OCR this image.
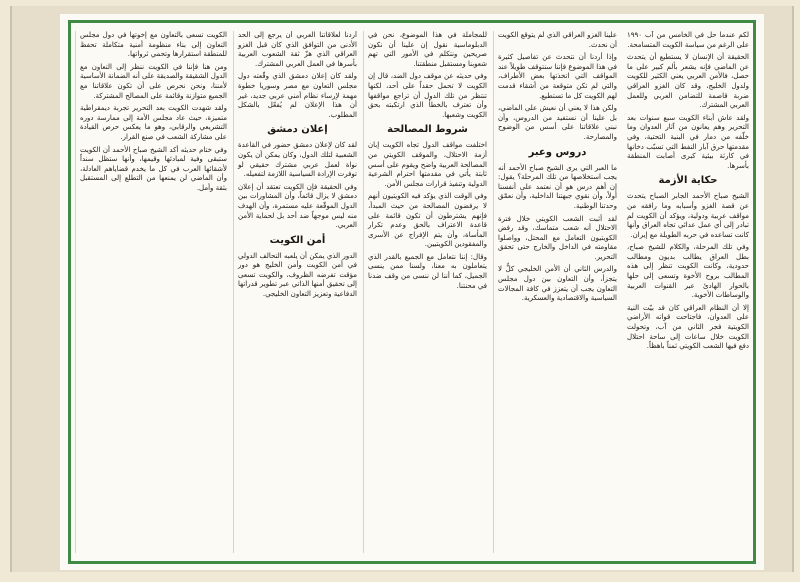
لكم عندما حل في الخامس من آب ١٩٩٠ على الرغم من سياسة الكويت المتسامحة.

الحقيقة أن الإنسان لا يستطيع أن يتحدث عن الماضي فإنه يشعر بألم كبير على ما حصل، فالأمن العربي يعني الكثير للكويت ولدول الخليج، وقد كان الغزو العراقي ضربة قاصمة للتضامن العربي وللعمل العربي المشترك.

ولقد عاش أبناء الكويت سبع سنوات بعد التحرير وهم يعانون من آثار العدوان وما خلّفه من دمار في البنية التحتية، وفي مقدمتها حرق آبار النفط التي تسبّب دخانها في كارثة بيئية كبرى أصابت المنطقة بأسرها.

حكاية الأزمة

الشيخ صباح الأحمد الجابر الصباح يتحدث عن قصة الغزو وأسبابه وما رافقه من مواقف عربية ودولية، ويؤكد أن الكويت لم تبادر إلى أي عمل عدائي تجاه العراق وأنها كانت تساعده في حربه الطويلة مع إيران.

وفي تلك المرحلة، والكلام للشيخ صباح، بطل العراق يطالب بديون ومطالب حدودية، وكانت الكويت تنظر إلى هذه المطالب بروح الأخوة وتسعى إلى حلها بالحوار الهادئ عبر القنوات العربية والوساطات الأخوية.

إلا أن النظام العراقي كان قد بيّت النية على العدوان، فاجتاحت قواته الأراضي الكويتية فجر الثاني من آب، وتحولت الكويت خلال ساعات إلى ساحة احتلال دفع فيها الشعب الكويتي ثمناً باهظاً.

علينا الغزو العراقي الذي لم يتوقع الكويت أن نحدث.

وإذا أردنا أن نتحدث عن تفاصيل كثيرة في هذا الموضوع فإننا سنتوقف طويلاً عند المواقف التي اتخذتها بعض الأطراف، والتي لم تكن متوقعة من أشقاء قدمت لهم الكويت كل ما تستطيع.

ولكن هذا لا يعني أن نعيش على الماضي، بل علينا أن نستفيد من الدروس، وأن نبني علاقاتنا على أسس من الوضوح والمصارحة.

دروس وعبر

ما العبر التي يرى الشيخ صباح الأحمد أنه يجب استخلاصها من تلك المرحلة؟ يقول: إن أهم درس هو أن نعتمد على أنفسنا أولاً، وأن نقوي جبهتنا الداخلية، وأن نعمّق وحدتنا الوطنية.

لقد أثبت الشعب الكويتي خلال فترة الاحتلال أنه شعب متماسك، وقد رفض الكويتيون التعامل مع المحتل، وواصلوا مقاومته في الداخل والخارج حتى تحقق التحرير.

والدرس الثاني أن الأمن الخليجي كلٌّ لا يتجزأ، وأن التعاون بين دول مجلس التعاون يجب أن يتعزز في كافة المجالات السياسية والاقتصادية والعسكرية.

للمجاملة في هذا الموضوع، نحن في الدبلوماسية نقول إن علينا أن نكون صريحين ونتكلم في الأمور التي تهم شعوبنا ومستقبل منطقتنا.

وفي حديثه عن موقف دول الضد، قال إن الكويت لا تحمل حقداً على أحد، لكنها تنتظر من تلك الدول أن تراجع مواقفها وأن تعترف بالخطأ الذي ارتكبته بحق الكويت وشعبها.

شروط المصالحة

اختلفت مواقف الدول تجاه الكويت إبان أزمة الاحتلال، والموقف الكويتي من المصالحة العربية واضح ويقوم على أسس ثابتة يأتي في مقدمتها احترام الشرعية الدولية وتنفيذ قرارات مجلس الأمن.

وفي الوقت الذي يؤكد فيه الكويتيون أنهم لا يرفضون المصالحة من حيث المبدأ، فإنهم يشترطون أن تكون قائمة على قاعدة الاعتراف بالحق وعدم تكرار المأساة، وأن يتم الإفراج عن الأسرى والمفقودين الكويتيين.

وقال: إننا نتعامل مع الجميع بالقدر الذي يتعاملون به معنا، ولسنا ممن ينسى الجميل، كما أننا لن ننسى من وقف ضدنا في محنتنا.

أردنا لعلاقاتنا العربي أن يرجع إلى الحد الأدنى من التوافق الذي كان قبل الغزو العراقي الذي هزّ ثقة الشعوب العربية بأسرها في العمل العربي المشترك.

ولقد كان إعلان دمشق الذي وقّعته دول مجلس التعاون مع مصر وسوريا خطوة مهمة لإرساء نظام أمني عربي جديد، غير أن هذا الإعلان لم يُفعّل بالشكل المطلوب.

إعلان دمشق

لقد كان لإعلان دمشق حضور في القاعدة الشعبية لتلك الدول، وكان يمكن أن يكون نواة لعمل عربي مشترك حقيقي لو توفرت الإرادة السياسية اللازمة لتفعيله.

وفي الحقيقة فإن الكويت تعتقد أن إعلان دمشق لا يزال قائماً، وأن المشاورات بين الدول الموقّعة عليه مستمرة، وأن الهدف منه ليس موجهاً ضد أحد بل لحماية الأمن العربي.

أمن الكويت

الدور الذي يمكن أن يلعبه التحالف الدولي في أمن الكويت وأمن الخليج هو دور مؤقت تفرضه الظروف، والكويت تسعى إلى تحقيق أمنها الذاتي عبر تطوير قدراتها الدفاعية وتعزيز التعاون الخليجي.

الكويت تسعى بالتعاون مع إخوتها في دول مجلس التعاون إلى بناء منظومة أمنية متكاملة تحفظ للمنطقة استقرارها وتحمي ثرواتها.

ومن هنا فإننا في الكويت ننظر إلى التعاون مع الدول الشقيقة والصديقة على أنه الضمانة الأساسية لأمننا، ونحن نحرص على أن تكون علاقاتنا مع الجميع متوازنة وقائمة على المصالح المشتركة.

ولقد شهدت الكويت بعد التحرير تجربة ديمقراطية متميزة، حيث عاد مجلس الأمة إلى ممارسة دوره التشريعي والرقابي، وهو ما يعكس حرص القيادة على مشاركة الشعب في صنع القرار.

وفي ختام حديثه أكد الشيخ صباح الأحمد أن الكويت ستبقى وفية لمبادئها وقيمها، وأنها ستظل سنداً لأشقائها العرب في كل ما يخدم قضاياهم العادلة، وأن الماضي لن يمنعها من التطلع إلى المستقبل بثقة وأمل.
